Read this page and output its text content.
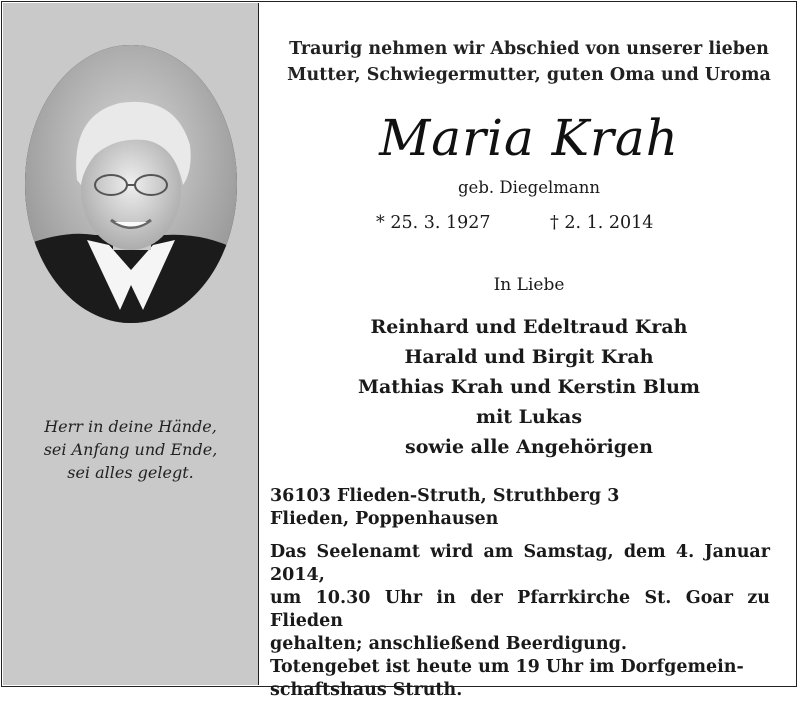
Herr in deine Hände,
sei Anfang und Ende,
sei alles gelegt.
Traurig nehmen wir Abschied von unserer lieben
Mutter, Schwiegermutter, guten Oma und Uroma
Maria Krah
geb. Diegelmann
* 25. 3. 1927	† 2. 1. 2014
In Liebe
Reinhard und Edeltraud Krah
Harald und Birgit Krah
Mathias Krah und Kerstin Blum
mit Lukas
sowie alle Angehörigen
36103 Flieden-Struth, Struthberg 3
Flieden, Poppenhausen
Das Seelenamt wird am Samstag, dem 4. Januar 2014,
um 10.30 Uhr in der Pfarrkirche St. Goar zu Flieden
gehalten; anschließend Beerdigung.
Totengebet ist heute um 19 Uhr im Dorfgemein-
schaftshaus Struth.
